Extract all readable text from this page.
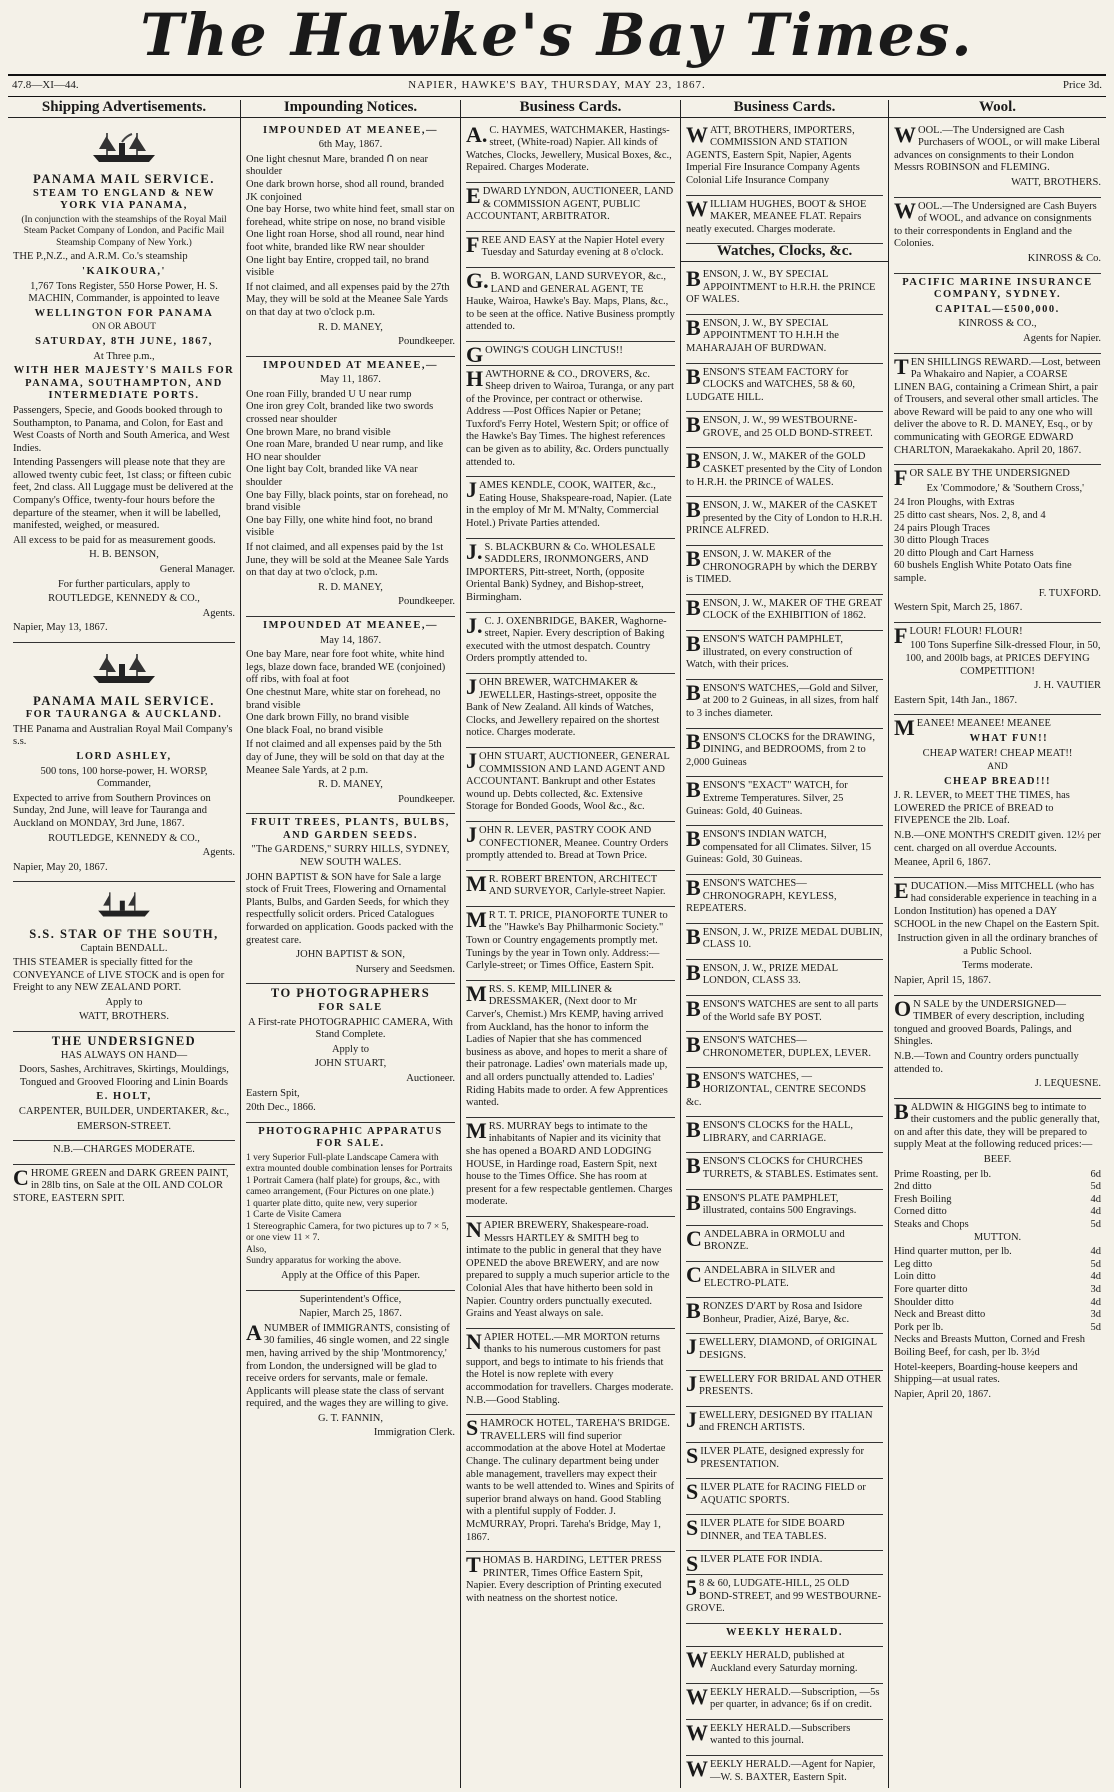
The Hawke's Bay Times.
47.8—XI—44.	NAPIER, HAWKE'S BAY, THURSDAY, MAY 23, 1867.	Price 3d.
Shipping Advertisements.

PANAMA MAIL SERVICE.

STEAM TO ENGLAND & NEW YORK VIA PANAMA,

(In conjunction with the steamships of the Royal Mail Steam Packet Company of London, and Pacific Mail Steamship Company of New York.)

THE P.,N.Z., and A.R.M. Co.'s steamship

'KAIKOURA,'

1,767 Tons Register, 550 Horse Power, H. S. MACHIN, Commander, is appointed to leave

WELLINGTON FOR PANAMA

ON OR ABOUT

SATURDAY, 8TH JUNE, 1867,

At Three p.m.,

WITH HER MAJESTY'S MAILS FOR PANAMA, SOUTHAMPTON, AND INTERMEDIATE PORTS.

Passengers, Specie, and Goods booked through to Southampton, to Panama, and Colon, for East and West Coasts of North and South America, and West Indies.

Intending Passengers will please note that they are allowed twenty cubic feet, 1st class; or fifteen cubic feet, 2nd class. All Luggage must be delivered at the Company's Office, twenty-four hours before the departure of the steamer, when it will be labelled, manifested, weighed, or measured.

All excess to be paid for as measurement goods.

H. B. BENSON,

General Manager.

For further particulars, apply to

ROUTLEDGE, KENNEDY & CO.,

Agents.

Napier, May 13, 1867.

PANAMA MAIL SERVICE.

FOR TAURANGA & AUCKLAND.

THE Panama and Australian Royal Mail Company's s.s.

LORD ASHLEY,

500 tons, 100 horse-power, H. WORSP, Commander,

Expected to arrive from Southern Provinces on Sunday, 2nd June, will leave for Tauranga and Auckland on MONDAY, 3rd June, 1867.

ROUTLEDGE, KENNEDY & CO.,

Agents.

Napier, May 20, 1867.

S.S. STAR OF THE SOUTH,

Captain BENDALL.

THIS STEAMER is specially fitted for the CONVEYANCE of LIVE STOCK and is open for Freight to any NEW ZEALAND PORT.

Apply to

WATT, BROTHERS.

THE UNDERSIGNED

HAS ALWAYS ON HAND—

Doors, Sashes, Architraves, Skirtings, Mouldings, Tongued and Grooved Flooring and Linin Boards

E. HOLT,

CARPENTER, BUILDER, UNDERTAKER, &c.,

EMERSON-STREET.

N.B.—CHARGES MODERATE.

CHROME GREEN and DARK GREEN PAINT, in 28lb tins, on Sale at the OIL AND COLOR STORE, EASTERN SPIT.

Impounding Notices.

IMPOUNDED AT MEANEE,—

6th May, 1867.

One light chesnut Mare, branded ᑎ on near shoulder
One dark brown horse, shod all round, branded JK conjoined
One bay Horse, two white hind feet, small star on forehead, white stripe on nose, no brand visible
One light roan Horse, shod all round, near hind foot white, branded like RW near shoulder
One light bay Entire, cropped tail, no brand visible

If not claimed, and all expenses paid by the 27th May, they will be sold at the Meanee Sale Yards on that day at two o'clock p.m.

R. D. MANEY,

Poundkeeper.

IMPOUNDED AT MEANEE,—

May 11, 1867.

One roan Filly, branded U U near rump
One iron grey Colt, branded like two swords crossed near shoulder
One brown Mare, no brand visible
One roan Mare, branded U near rump, and like HO near shoulder
One light bay Colt, branded like VA near shoulder
One bay Filly, black points, star on forehead, no brand visible
One bay Filly, one white hind foot, no brand visible

If not claimed, and all expenses paid by the 1st June, they will be sold at the Meanee Sale Yards on that day at two o'clock, p.m.

R. D. MANEY,

Poundkeeper.

IMPOUNDED AT MEANEE,—

May 14, 1867.

One bay Mare, near fore foot white, white hind legs, blaze down face, branded WE (conjoined) off ribs, with foal at foot
One chestnut Mare, white star on forehead, no brand visible
One dark brown Filly, no brand visible
One black Foal, no brand visible

If not claimed and all expenses paid by the 5th day of June, they will be sold on that day at the Meanee Sale Yards, at 2 p.m.

R. D. MANEY,

Poundkeeper.

FRUIT TREES, PLANTS, BULBS, AND GARDEN SEEDS.

"The GARDENS," SURRY HILLS, SYDNEY, NEW SOUTH WALES.

JOHN BAPTIST & SON have for Sale a large stock of Fruit Trees, Flowering and Ornamental Plants, Bulbs, and Garden Seeds, for which they respectfully solicit orders. Priced Catalogues forwarded on application. Goods packed with the greatest care.

JOHN BAPTIST & SON,

Nursery and Seedsmen.

TO PHOTOGRAPHERS

FOR SALE

A First-rate PHOTOGRAPHIC CAMERA, With Stand Complete.

Apply to

JOHN STUART,

Auctioneer.

Eastern Spit,

20th Dec., 1866.

PHOTOGRAPHIC APPARATUS FOR SALE.

1 very Superior Full-plate Landscape Camera with extra mounted double combination lenses for Portraits
1 Portrait Camera (half plate) for groups, &c., with cameo arrangement, (Four Pictures on one plate.)
1 quarter plate ditto, quite new, very superior
1 Carte de Visite Camera
1 Stereographic Camera, for two pictures up to 7 × 5, or one view 11 × 7.
Also,
Sundry apparatus for working the above.

Apply at the Office of this Paper.

Superintendent's Office,

Napier, March 25, 1867.

ANUMBER of IMMIGRANTS, consisting of 30 families, 46 single women, and 22 single men, having arrived by the ship 'Montmorency,' from London, the undersigned will be glad to receive orders for servants, male or female. Applicants will please state the class of servant required, and the wages they are willing to give.

G. T. FANNIN,

Immigration Clerk.

Business Cards.

A.C. HAYMES, WATCHMAKER, Hastings-street, (White-road) Napier. All kinds of Watches, Clocks, Jewellery, Musical Boxes, &c., Repaired. Charges Moderate.

EDWARD LYNDON, AUCTIONEER, LAND & COMMISSION AGENT, PUBLIC ACCOUNTANT, ARBITRATOR.

FREE AND EASY at the Napier Hotel every Tuesday and Saturday evening at 8 o'clock.

G.B. WORGAN, LAND SURVEYOR, &c., LAND and GENERAL AGENT, TE Hauke, Wairoa, Hawke's Bay. Maps, Plans, &c., to be seen at the office. Native Business promptly attended to.

GOWING'S COUGH LINCTUS!!

HAWTHORNE & CO., DROVERS, &c. Sheep driven to Wairoa, Turanga, or any part of the Province, per contract or otherwise. Address —Post Offices Napier or Petane; Tuxford's Ferry Hotel, Western Spit; or office of the Hawke's Bay Times. The highest references can be given as to ability, &c. Orders punctually attended to.

JAMES KENDLE, COOK, WAITER, &c., Eating House, Shakspeare-road, Napier. (Late in the employ of Mr M. M'Nalty, Commercial Hotel.) Private Parties attended.

J.S. BLACKBURN & Co. WHOLESALE SADDLERS, IRONMONGERS, AND IMPORTERS, Pitt-street, North, (opposite Oriental Bank) Sydney, and Bishop-street, Birmingham.

J.C. J. OXENBRIDGE, BAKER, Waghorne-street, Napier. Every description of Baking executed with the utmost despatch. Country Orders promptly attended to.

JOHN BREWER, WATCHMAKER & JEWELLER, Hastings-street, opposite the Bank of New Zealand. All kinds of Watches, Clocks, and Jewellery repaired on the shortest notice. Charges moderate.

JOHN STUART, AUCTIONEER, GENERAL COMMISSION AND LAND AGENT AND ACCOUNTANT. Bankrupt and other Estates wound up. Debts collected, &c. Extensive Storage for Bonded Goods, Wool &c., &c.

JOHN R. LEVER, PASTRY COOK AND CONFECTIONER, Meanee. Country Orders promptly attended to. Bread at Town Price.

MR. ROBERT BRENTON, ARCHITECT AND SURVEYOR, Carlyle-street Napier.

MR T. T. PRICE, PIANOFORTE TUNER to the "Hawke's Bay Philharmonic Society." Town or Country engagements promptly met. Tunings by the year in Town only. Address:—Carlyle-street; or Times Office, Eastern Spit.

MRS. S. KEMP, MILLINER & DRESSMAKER, (Next door to Mr Carver's, Chemist.) Mrs KEMP, having arrived from Auckland, has the honor to inform the Ladies of Napier that she has commenced business as above, and hopes to merit a share of their patronage. Ladies' own materials made up, and all orders punctually attended to. Ladies' Riding Habits made to order. A few Apprentices wanted.

MRS. MURRAY begs to intimate to the inhabitants of Napier and its vicinity that she has opened a BOARD AND LODGING HOUSE, in Hardinge road, Eastern Spit, next house to the Times Office. She has room at present for a few respectable gentlemen. Charges moderate.

NAPIER BREWERY, Shakespeare-road. Messrs HARTLEY & SMITH beg to intimate to the public in general that they have OPENED the above BREWERY, and are now prepared to supply a much superior article to the Colonial Ales that have hitherto been sold in Napier. Country orders punctually executed. Grains and Yeast always on sale.

NAPIER HOTEL.—MR MORTON returns thanks to his numerous customers for past support, and begs to intimate to his friends that the Hotel is now replete with every accommodation for travellers. Charges moderate. N.B.—Good Stabling.

SHAMROCK HOTEL, TAREHA'S BRIDGE. TRAVELLERS will find superior accommodation at the above Hotel at Modertae Change. The culinary department being under able management, travellers may expect their wants to be well attended to. Wines and Spirits of superior brand always on hand. Good Stabling with a plentiful supply of Fodder. J. McMURRAY, Propri. Tareha's Bridge, May 1, 1867.

THOMAS B. HARDING, LETTER PRESS PRINTER, Times Office Eastern Spit, Napier. Every description of Printing executed with neatness on the shortest notice.

Business Cards.

WATT, BROTHERS, IMPORTERS, COMMISSION AND STATION AGENTS, Eastern Spit, Napier, Agents Imperial Fire Insurance Company Agents Colonial Life Insurance Company

WILLIAM HUGHES, BOOT & SHOE MAKER, MEANEE FLAT. Repairs neatly executed. Charges moderate.

Watches, Clocks, &c.

BENSON, J. W., BY SPECIAL APPOINTMENT to H.R.H. the PRINCE OF WALES.

BENSON, J. W., BY SPECIAL APPOINTMENT TO H.H.H the MAHARAJAH OF BURDWAN.

BENSON'S STEAM FACTORY for CLOCKS and WATCHES, 58 & 60, LUDGATE HILL.

BENSON, J. W., 99 WESTBOURNE-GROVE, and 25 OLD BOND-STREET.

BENSON, J. W., MAKER of the GOLD CASKET presented by the City of London to H.R.H. the PRINCE of WALES.

BENSON, J. W., MAKER of the CASKET presented by the City of London to H.R.H. PRINCE ALFRED.

BENSON, J. W. MAKER of the CHRONOGRAPH by which the DERBY is TIMED.

BENSON, J. W., MAKER OF THE GREAT CLOCK of the EXHIBITION of 1862.

BENSON'S WATCH PAMPHLET, illustrated, on every construction of Watch, with their prices.

BENSON'S WATCHES,—Gold and Silver, at 200 to 2 Guineas, in all sizes, from half to 3 inches diameter.

BENSON'S CLOCKS for the DRAWING, DINING, and BEDROOMS, from 2 to 2,000 Guineas

BENSON'S "EXACT" WATCH, for Extreme Temperatures. Silver, 25 Guineas: Gold, 40 Guineas.

BENSON'S INDIAN WATCH, compensated for all Climates. Silver, 15 Guineas: Gold, 30 Guineas.

BENSON'S WATCHES—CHRONOGRAPH, KEYLESS, REPEATERS.

BENSON, J. W., PRIZE MEDAL DUBLIN, CLASS 10.

BENSON, J. W., PRIZE MEDAL LONDON, CLASS 33.

BENSON'S WATCHES are sent to all parts of the World safe BY POST.

BENSON'S WATCHES—CHRONOMETER, DUPLEX, LEVER.

BENSON'S WATCHES, — HORIZONTAL, CENTRE SECONDS &c.

BENSON'S CLOCKS for the HALL, LIBRARY, and CARRIAGE.

BENSON'S CLOCKS for CHURCHES TURRETS, & STABLES. Estimates sent.

BENSON'S PLATE PAMPHLET, illustrated, contains 500 Engravings.

CANDELABRA in ORMOLU and BRONZE.

CANDELABRA in SILVER and ELECTRO-PLATE.

BRONZES D'ART by Rosa and Isidore Bonheur, Pradier, Aizé, Barye, &c.

JEWELLERY, DIAMOND, of ORIGINAL DESIGNS.

JEWELLERY FOR BRIDAL AND OTHER PRESENTS.

JEWELLERY, DESIGNED BY ITALIAN and FRENCH ARTISTS.

SILVER PLATE, designed expressly for PRESENTATION.

SILVER PLATE for RACING FIELD or AQUATIC SPORTS.

SILVER PLATE for SIDE BOARD DINNER, and TEA TABLES.

SILVER PLATE FOR INDIA.

58 & 60, LUDGATE-HILL, 25 OLD BOND-STREET, and 99 WESTBOURNE-GROVE.

WEEKLY HERALD.

WEEKLY HERALD, published at Auckland every Saturday morning.

WEEKLY HERALD.—Subscription, —5s per quarter, in advance; 6s if on credit.

WEEKLY HERALD.—Subscribers wanted to this journal.

WEEKLY HERALD.—Agent for Napier,—W. S. BAXTER, Eastern Spit.

Wool.

WOOL.—The Undersigned are Cash Purchasers of WOOL, or will make Liberal advances on consignments to their London Messrs ROBINSON and FLEMING.

WATT, BROTHERS.

WOOL.—The Undersigned are Cash Buyers of WOOL, and advance on consignments to their correspondents in England and the Colonies.

KINROSS & Co.

PACIFIC MARINE INSURANCE COMPANY, SYDNEY.

CAPITAL—£500,000.

KINROSS & CO.,

Agents for Napier.

TEN SHILLINGS REWARD.—Lost, between Pa Whakairo and Napier, a COARSE LINEN BAG, containing a Crimean Shirt, a pair of Trousers, and several other small articles. The above Reward will be paid to any one who will deliver the above to R. D. MANEY, Esq., or by communicating with GEORGE EDWARD CHARLTON, Maraekakaho. April 20, 1867.

FOR SALE BY THE UNDERSIGNED

Ex 'Commodore,' & 'Southern Cross,'

24 Iron Ploughs, with Extras
25 ditto cast shears, Nos. 2, 8, and 4
24 pairs Plough Traces
30 ditto Plough Traces
20 ditto Plough and Cart Harness
60 bushels English White Potato Oats fine sample.

F. TUXFORD.

Western Spit, March 25, 1867.

FLOUR! FLOUR! FLOUR!

100 Tons Superfine Silk-dressed Flour, in 50, 100, and 200lb bags, at PRICES DEFYING COMPETITION!

J. H. VAUTIER

Eastern Spit, 14th Jan., 1867.

MEANEE! MEANEE! MEANEE

WHAT FUN!!

CHEAP WATER! CHEAP MEAT!!

AND

CHEAP BREAD!!!

J. R. LEVER, to MEET THE TIMES, has LOWERED the PRICE of BREAD to FIVEPENCE the 2lb. Loaf.

N.B.—ONE MONTH'S CREDIT given. 12½ per cent. charged on all overdue Accounts.

Meanee, April 6, 1867.

EDUCATION.—Miss MITCHELL (who has had considerable experience in teaching in a London Institution) has opened a DAY SCHOOL in the new Chapel on the Eastern Spit.

Instruction given in all the ordinary branches of a Public School.

Terms moderate.

Napier, April 15, 1867.

ON SALE by the UNDERSIGNED—TIMBER of every description, including tongued and grooved Boards, Palings, and Shingles.

N.B.—Town and Country orders punctually attended to.

J. LEQUESNE.

BALDWIN & HIGGINS beg to intimate to their customers and the public generally that, on and after this date, they will be prepared to supply Meat at the following reduced prices:—

BEEF.

Prime Roasting, per lb.	6d
2nd ditto	5d
Fresh Boiling	4d
Corned ditto	4d
Steaks and Chops	5d

MUTTON.

Hind quarter mutton, per lb.	4d
Leg ditto	5d
Loin ditto	4d
Fore quarter ditto	3d
Shoulder ditto	4d
Neck and Breast ditto	3d
Pork per lb.	5d

Necks and Breasts Mutton, Corned and Fresh Boiling Beef, for cash, per lb. 3½d

Hotel-keepers, Boarding-house keepers and Shipping—at usual rates.

Napier, April 20, 1867.
